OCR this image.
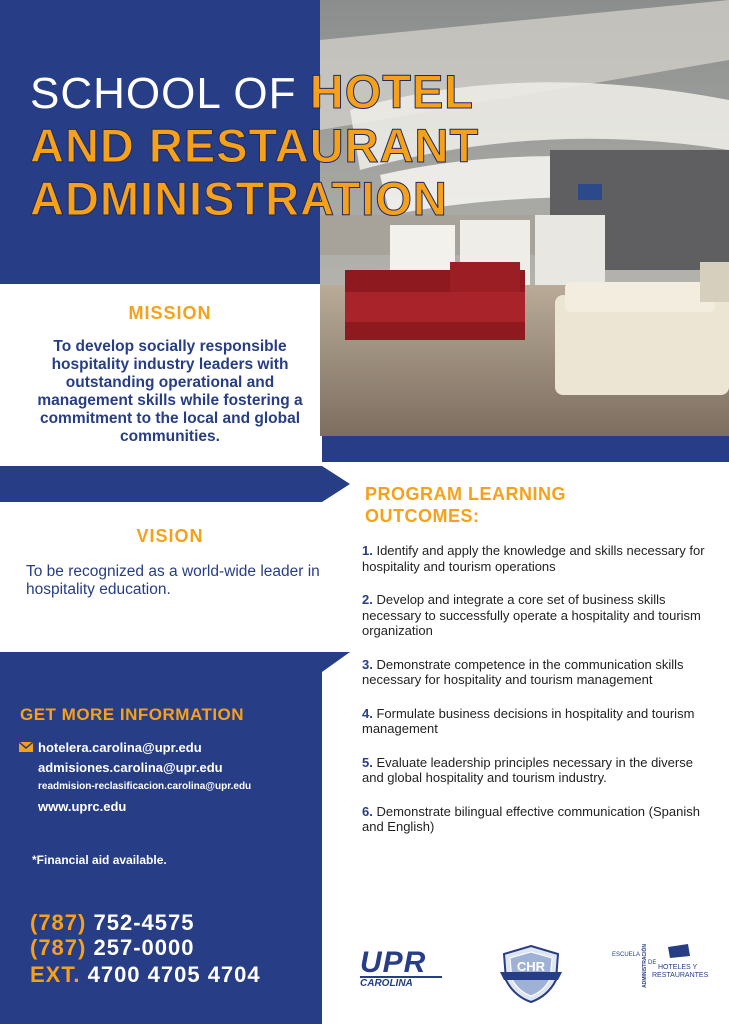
SCHOOL OF HOTEL
AND RESTAURANT
ADMINISTRATION
MISSION
To develop socially responsible hospitality industry leaders with outstanding operational and management skills while fostering a commitment to the local and global communities.
VISION
To be recognized as a world-wide leader in hospitality education.
PROGRAM LEARNING
OUTCOMES:
1. Identify and apply the knowledge and skills necessary for hospitality and tourism operations
2. Develop and integrate a core set of business skills necessary to successfully operate a hospitality and tourism organization
3. Demonstrate competence in the communication skills necessary for hospitality and tourism management
4. Formulate business decisions in hospitality and tourism management
5. Evaluate leadership principles necessary in the diverse and global hospitality and tourism industry.
6. Demonstrate bilingual effective communication (Spanish and English)
GET MORE INFORMATION
hotelera.carolina@upr.edu
admisiones.carolina@upr.edu
readmision-reclasificacion.carolina@upr.edu
www.uprc.edu
*Financial aid available.
(787) 752-4575
(787) 257-0000
EXT. 4700 4705 4704	UPR
CAROLINA
CHR
ESCUELA ADMINISTRACIÓN DE
HOTELES Y
RESTAURANTES
